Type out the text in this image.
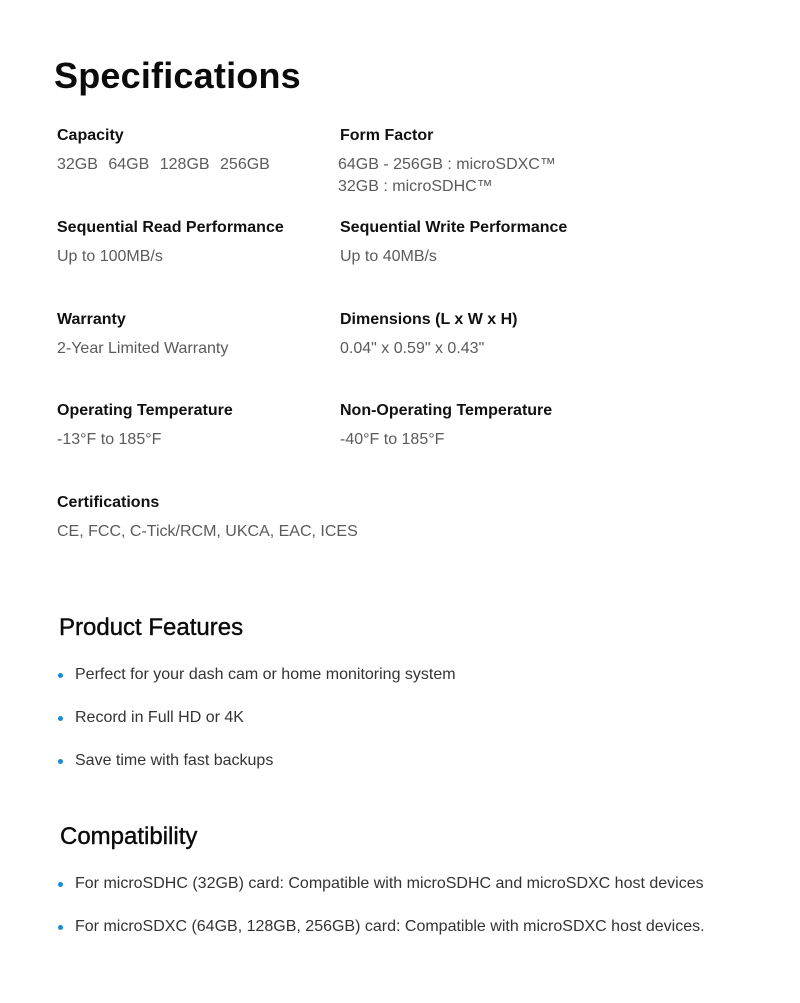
Specifications
Capacity
32GB 64GB 128GB 256GB
Form Factor
64GB - 256GB : microSDXC™
32GB : microSDHC™
Sequential Read Performance
Up to 100MB/s
Sequential Write Performance
Up to 40MB/s
Warranty
2-Year Limited Warranty
Dimensions (L x W x H)
0.04" x 0.59" x 0.43"
Operating Temperature
-13°F to 185°F
Non-Operating Temperature
-40°F to 185°F
Certifications
CE, FCC, C-Tick/RCM, UKCA, EAC, ICES
Product Features
Perfect for your dash cam or home monitoring system
Record in Full HD or 4K
Save time with fast backups
Compatibility
For microSDHC (32GB) card: Compatible with microSDHC and microSDXC host devices
For microSDXC (64GB, 128GB, 256GB) card: Compatible with microSDXC host devices.
